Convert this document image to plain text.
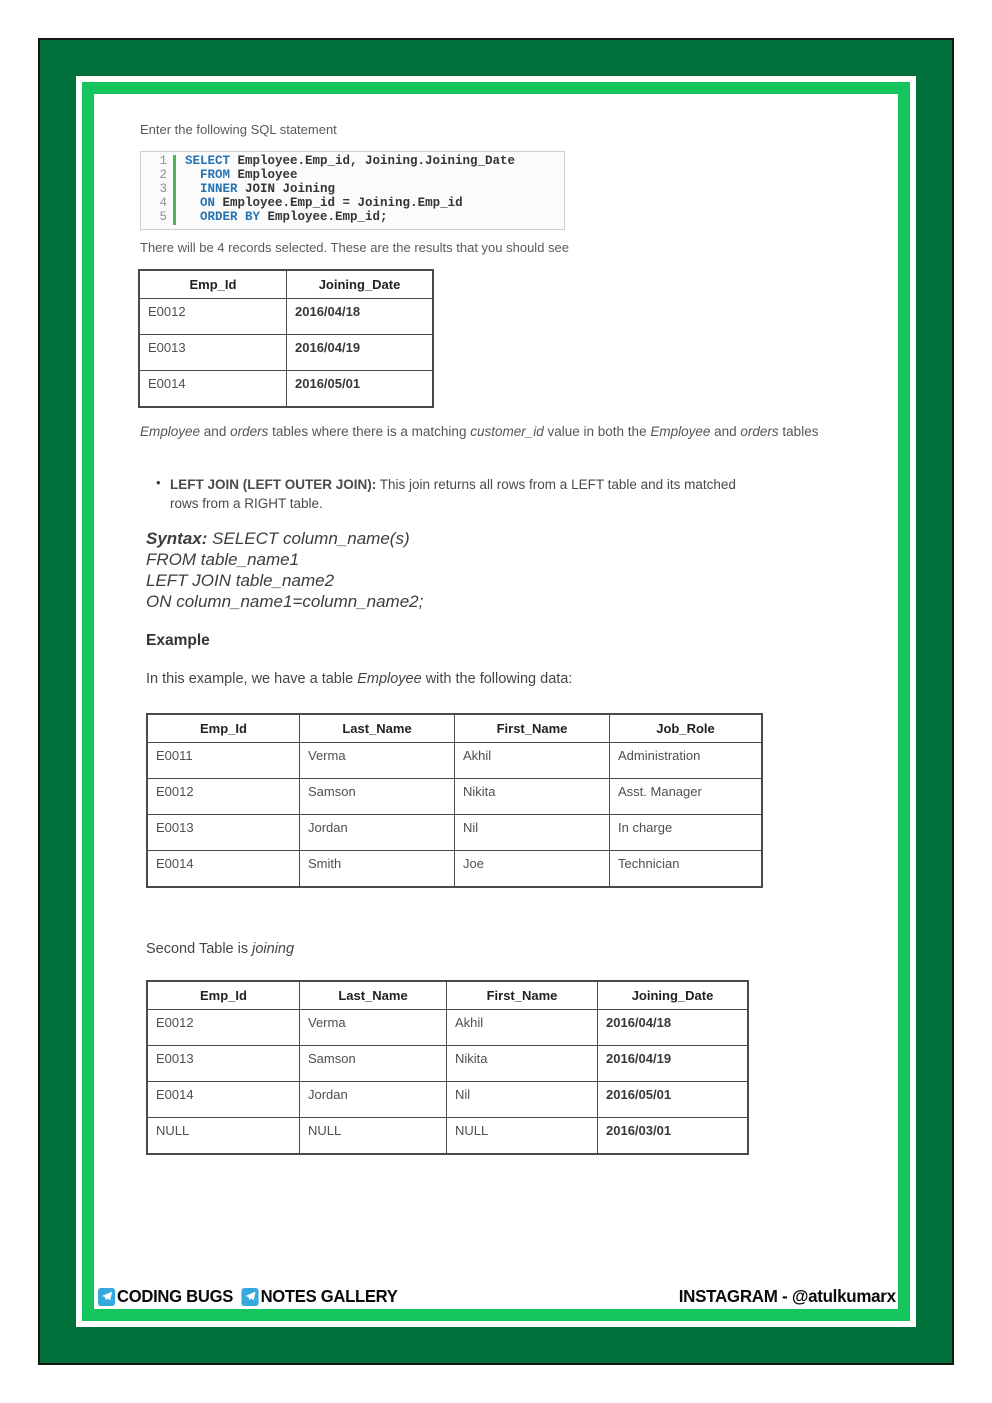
Enter the following SQL statement

1	SELECT Employee.Emp_id, Joining.Joining_Date
2	FROM Employee
3	INNER JOIN Joining
4	ON Employee.Emp_id = Joining.Emp_id
5	ORDER BY Employee.Emp_id;

There will be 4 records selected. These are the results that you should see

Emp_Id	Joining_Date
E0012	2016/04/18
E0013	2016/04/19
E0014	2016/05/01

Employee and orders tables where there is a matching customer_id value in both the Employee and orders tables

•

LEFT JOIN (LEFT OUTER JOIN): This join returns all rows from a LEFT table and its matched rows from a RIGHT table.

Syntax: SELECT column_name(s)

FROM table_name1

LEFT JOIN table_name2

ON column_name1=column_name2;

Example

In this example, we have a table Employee with the following data:

Emp_Id	Last_Name	First_Name	Job_Role
E0011	Verma	Akhil	Administration
E0012	Samson	Nikita	Asst. Manager
E0013	Jordan	Nil	In charge
E0014	Smith	Joe	Technician

Second Table is joining

Emp_Id	Last_Name	First_Name	Joining_Date
E0012	Verma	Akhil	2016/04/18
E0013	Samson	Nikita	2016/04/19
E0014	Jordan	Nil	2016/05/01
NULL	NULL	NULL	2016/03/01
CODING BUGS NOTES GALLERY	INSTAGRAM - @atulkumarx
